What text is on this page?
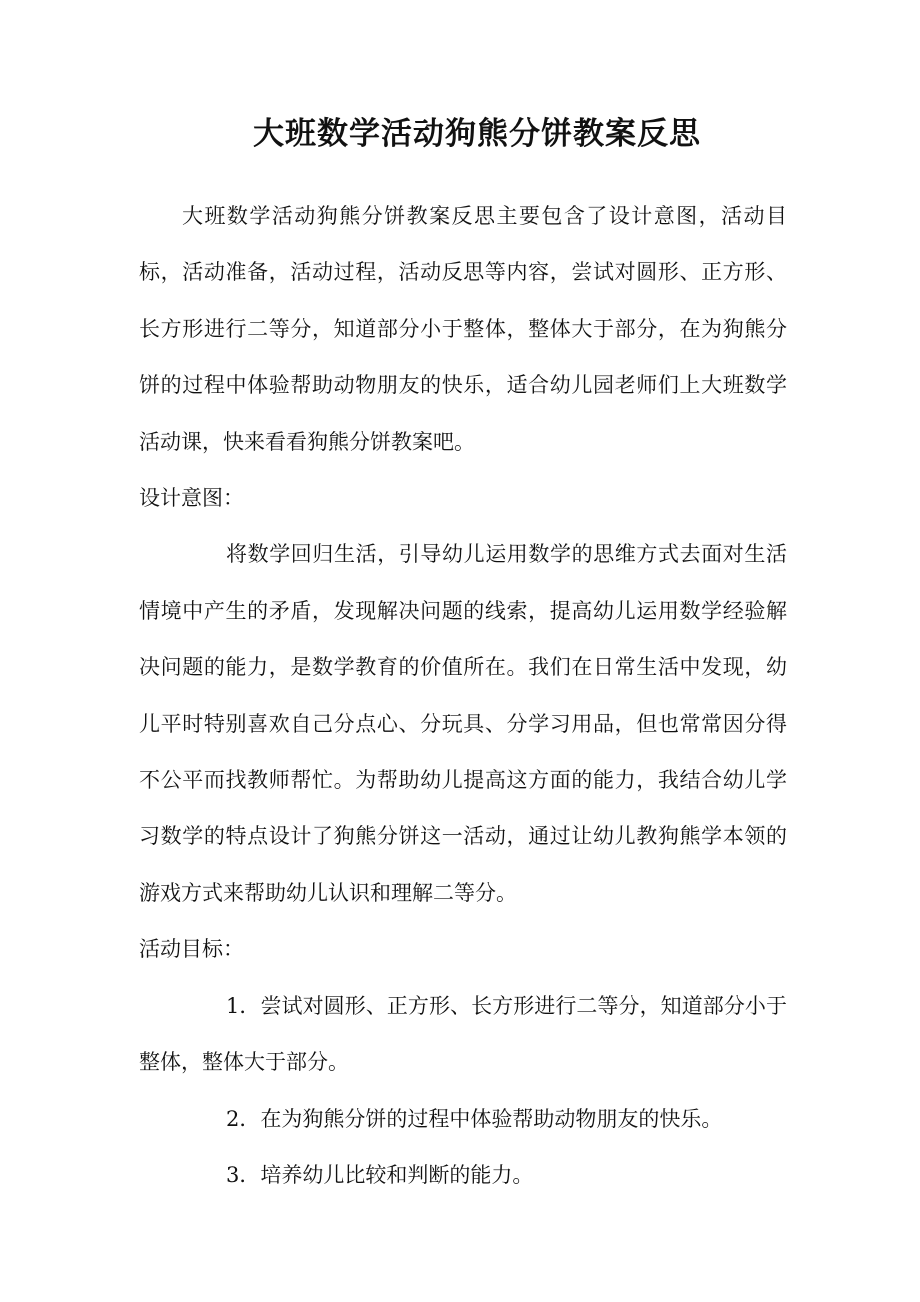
大班数学活动狗熊分饼教案反思

大班数学活动狗熊分饼教案反思主要包含了设计意图，活动目标，活动准备，活动过程，活动反思等内容，尝试对圆形、正方形、长方形进行二等分，知道部分小于整体，整体大于部分，在为狗熊分饼的过程中体验帮助动物朋友的快乐，适合幼儿园老师们上大班数学活动课，快来看看狗熊分饼教案吧。

设计意图：

将数学回归生活，引导幼儿运用数学的思维方式去面对生活情境中产生的矛盾，发现解决问题的线索，提高幼儿运用数学经验解决问题的能力，是数学教育的价值所在。我们在日常生活中发现，幼儿平时特别喜欢自己分点心、分玩具、分学习用品，但也常常因分得不公平而找教师帮忙。为帮助幼儿提高这方面的能力，我结合幼儿学习数学的特点设计了狗熊分饼这一活动，通过让幼儿教狗熊学本领的游戏方式来帮助幼儿认识和理解二等分。

活动目标：

1．尝试对圆形、正方形、长方形进行二等分，知道部分小于整体，整体大于部分。

2．在为狗熊分饼的过程中体验帮助动物朋友的快乐。

3．培养幼儿比较和判断的能力。
